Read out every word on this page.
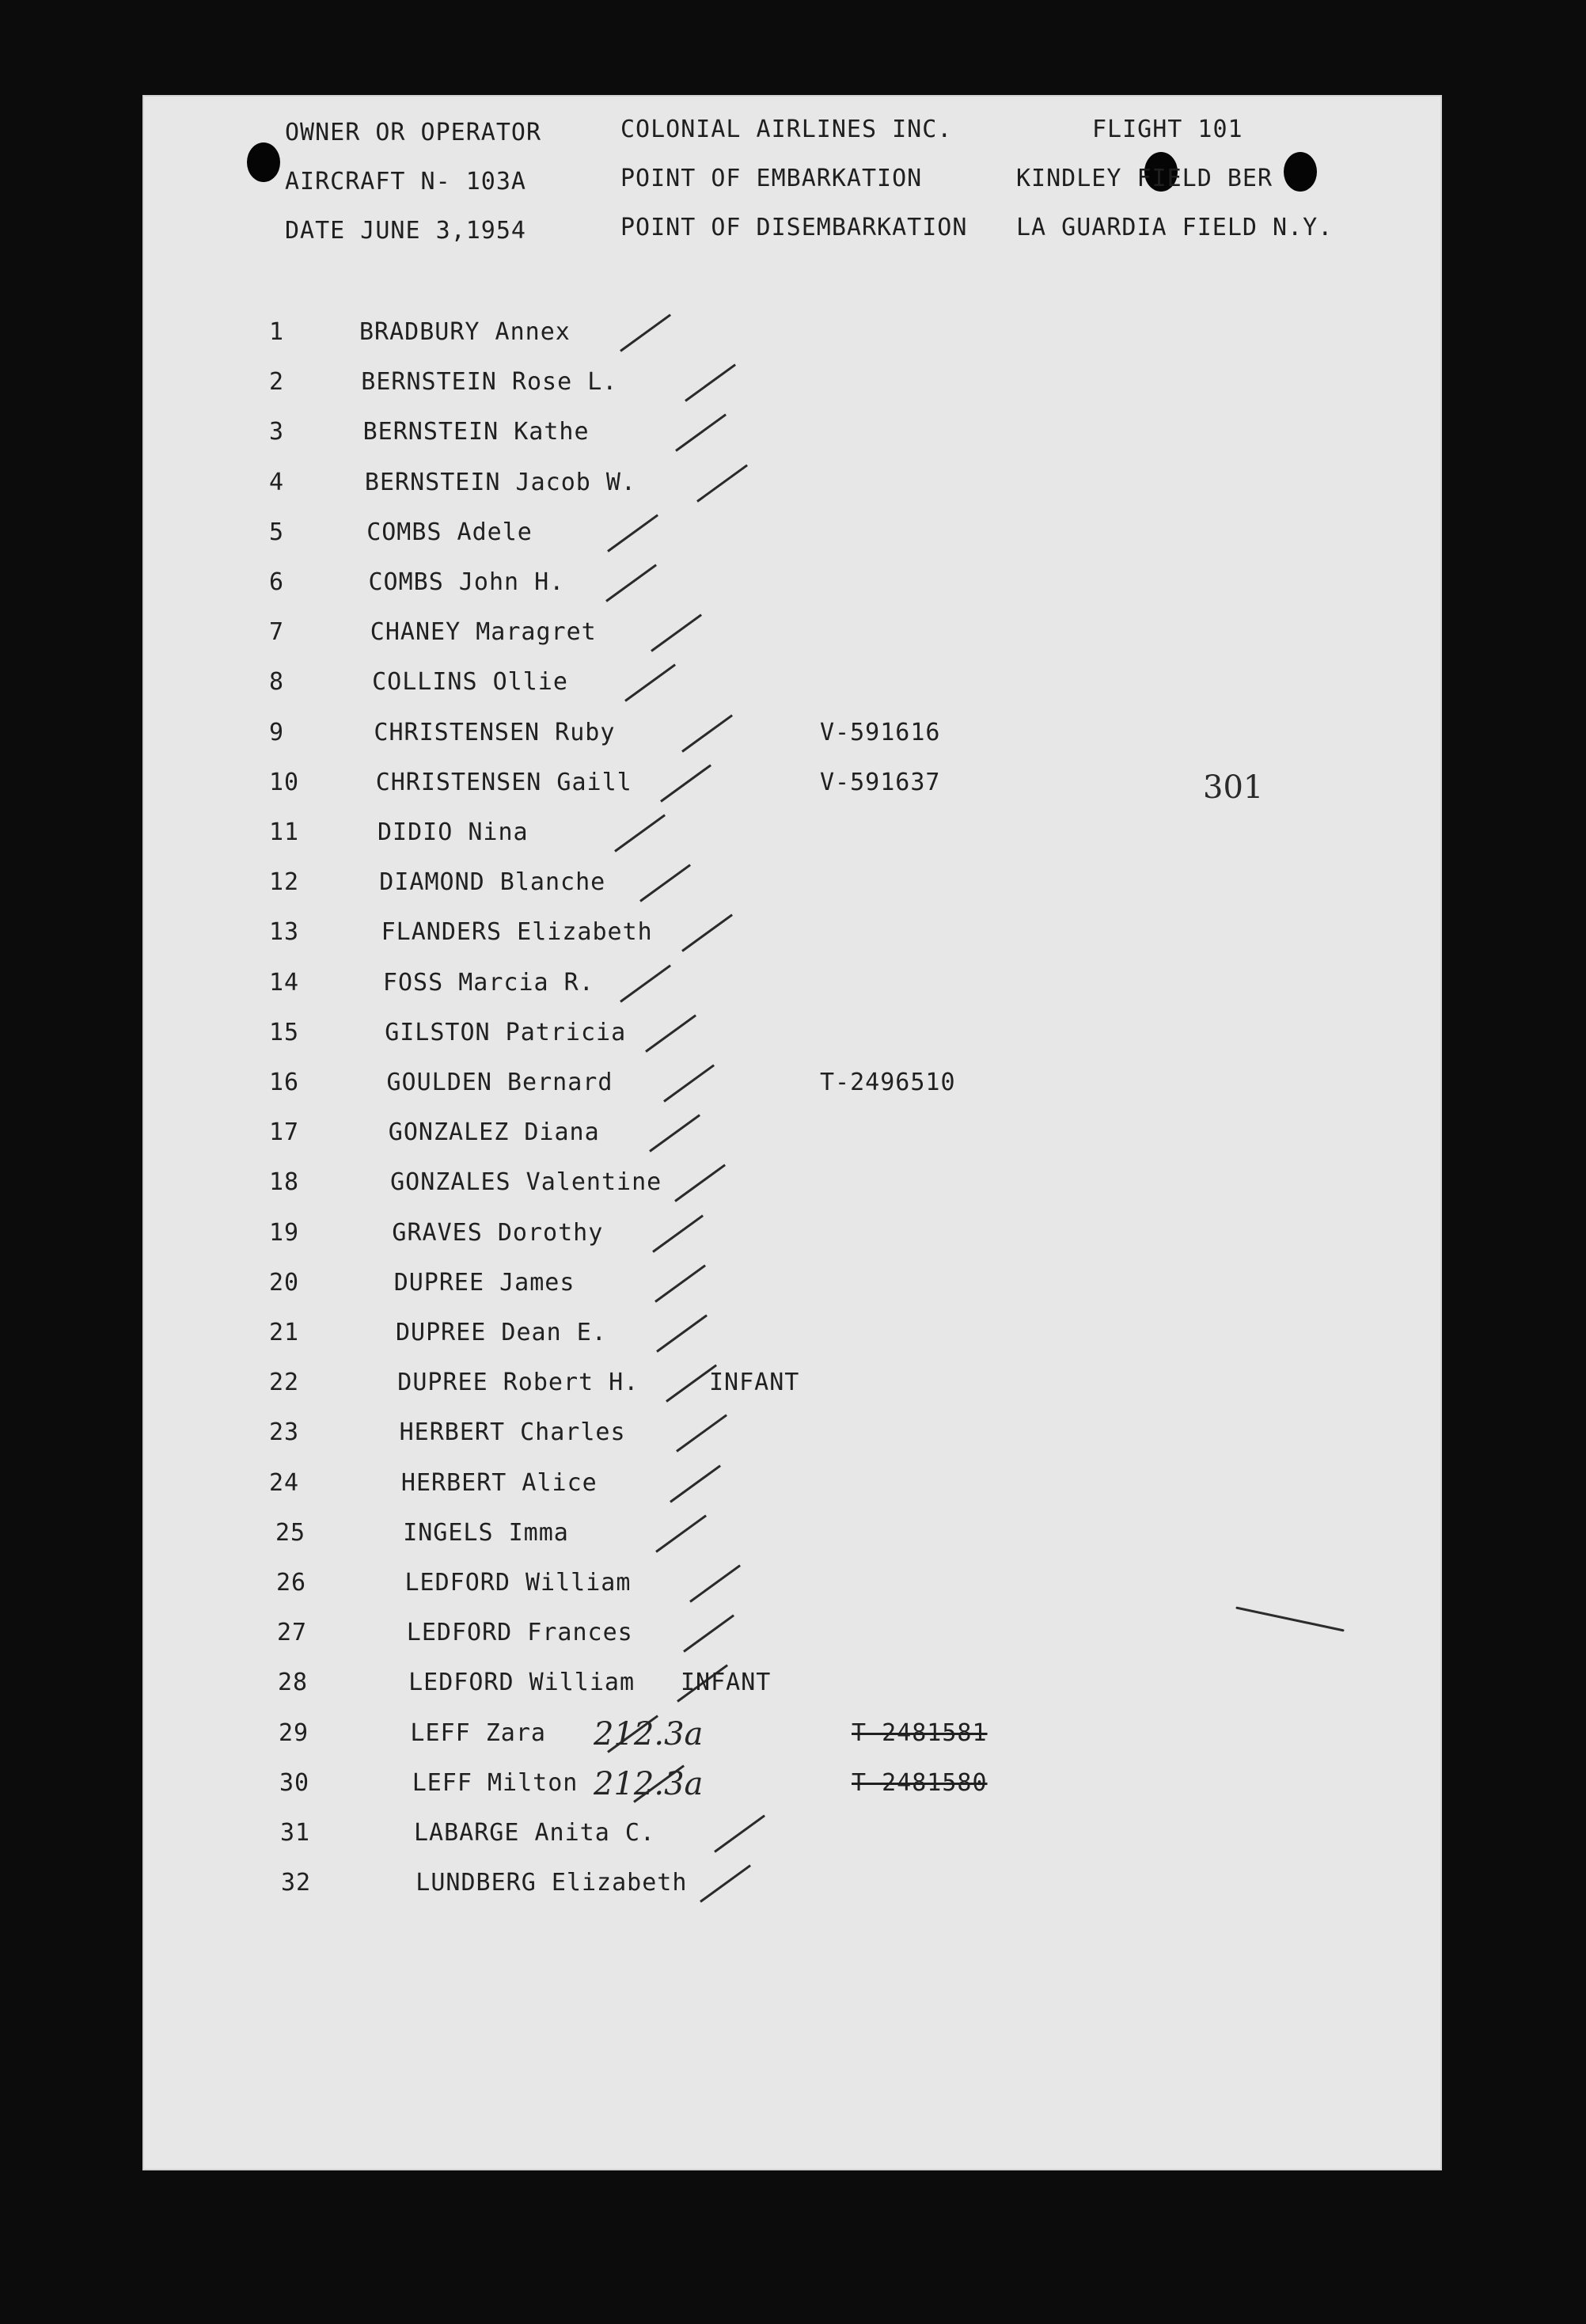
OWNER OR OPERATOR	COLONIAL AIRLINES INC.	FLIGHT 101
AIRCRAFT N- 103A	POINT OF EMBARKATION	KINDLEY FIELD BER
DATE JUNE 3,1954	POINT OF DISEMBARKATION LA GUARDIA FIELD N.Y.
1	BRADBURY Annex
2	BERNSTEIN Rose L.
3	BERNSTEIN Kathe
4	BERNSTEIN Jacob W.
5	COMBS Adele
6	COMBS John H.
7	CHANEY Maragret
8	COLLINS Ollie
9	CHRISTENSEN Ruby	V-591616
10	CHRISTENSEN Gaill	V-591637
11	DIDIO Nina
12	DIAMOND Blanche
13	FLANDERS Elizabeth
14	FOSS Marcia R.
15	GILSTON Patricia
16	GOULDEN Bernard	T-2496510
17	GONZALEZ Diana
18	GONZALES Valentine
19	GRAVES Dorothy
20	DUPREE James
21	DUPREE Dean E.
22	DUPREE Robert H.	INFANT
23	HERBERT Charles
24	HERBERT Alice
25	INGELS Imma
26	LEDFORD William
27	LEDFORD Frances
28	LEDFORD William INFANT
29	LEFF Zara 212.3a	T-2481581
30	LEFF Milton 212.3a	T-2481580
31	LABARGE Anita C.
32	LUNDBERG Elizabeth
301
